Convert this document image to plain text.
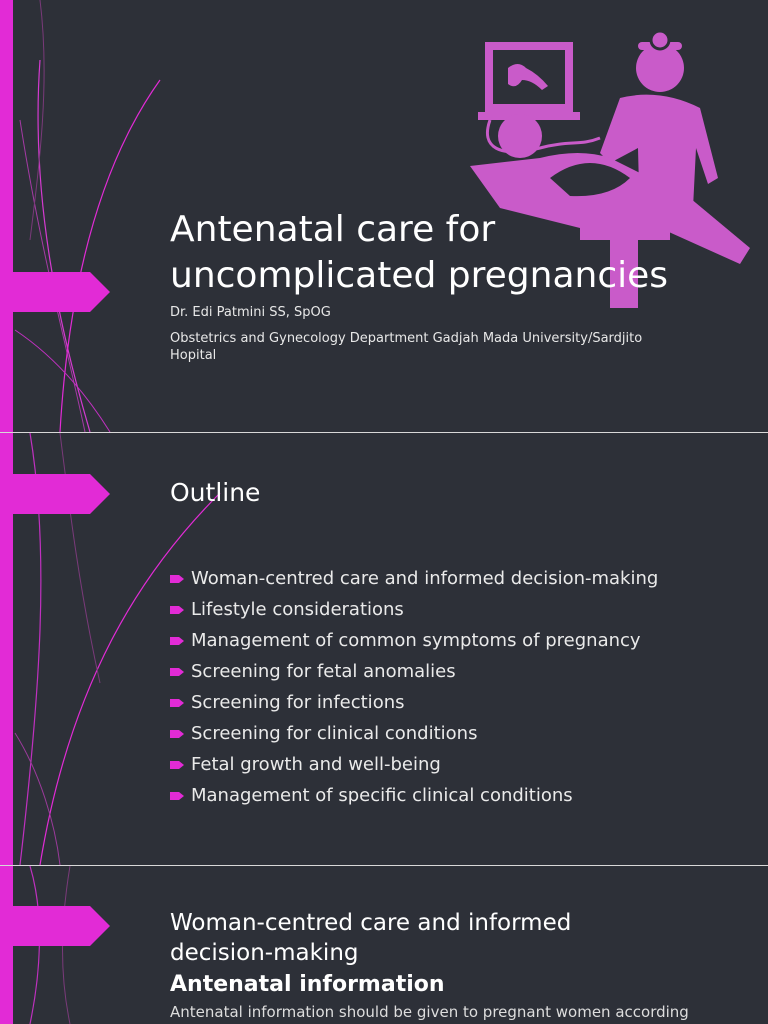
Antenatal care for
uncomplicated pregnancies
Dr. Edi Patmini SS, SpOG
Obstetrics and Gynecology Department Gadjah Mada University/Sardjito
Hopital
Outline
Woman-centred care and informed decision-making
Lifestyle considerations
Management of common symptoms of pregnancy
Screening for fetal anomalies
Screening for infections
Screening for clinical conditions
Fetal growth and well-being
Management of specific clinical conditions
Woman-centred care and informed
decision-making
Antenatal information
Antenatal information should be given to pregnant women according
